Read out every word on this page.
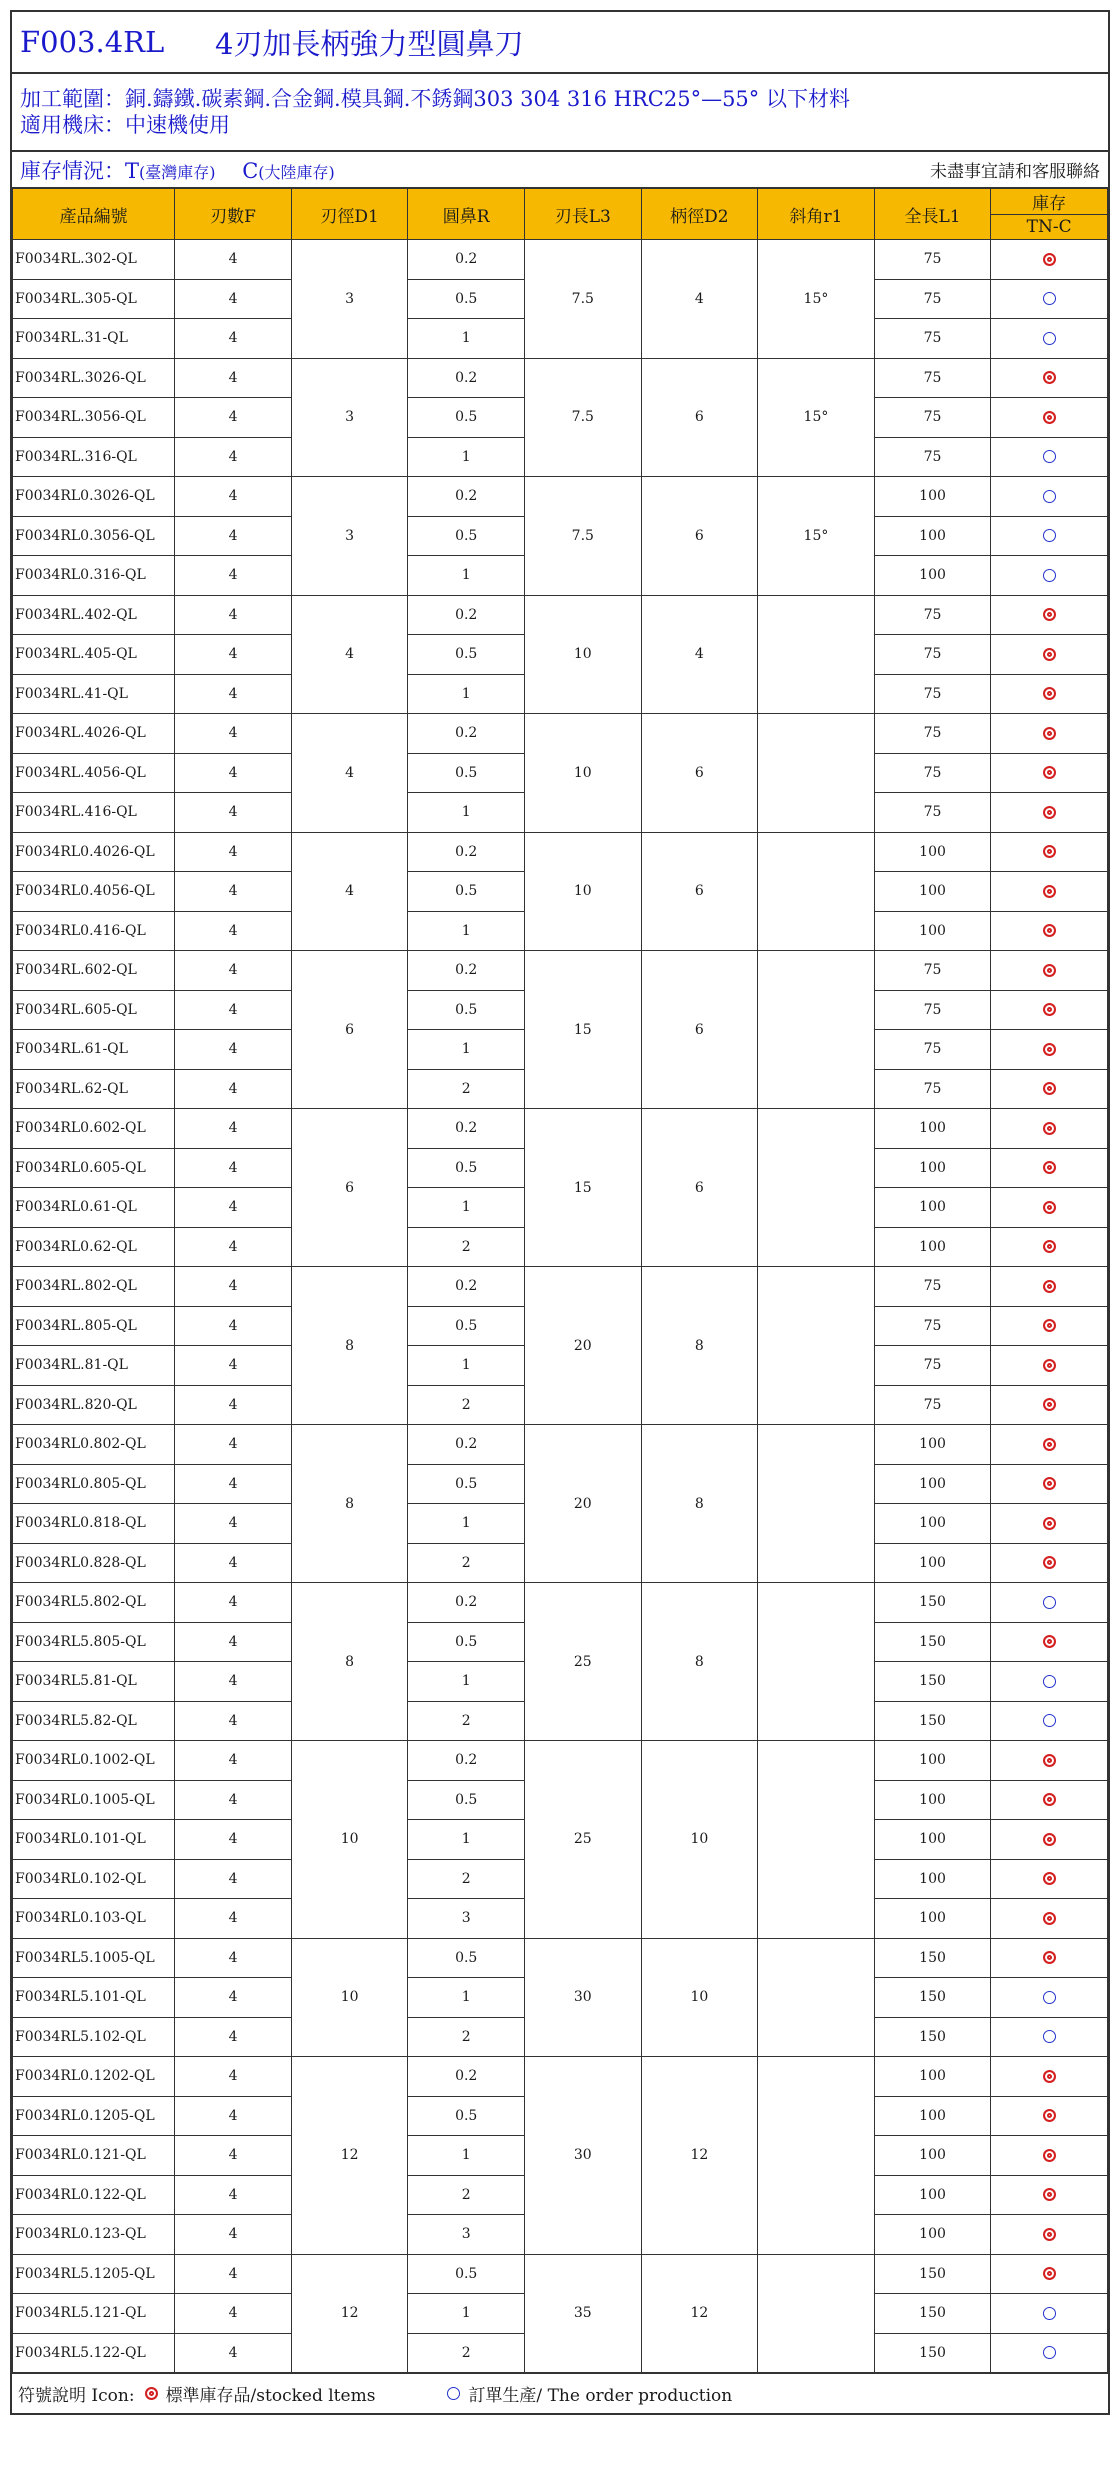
F003.4RL	4刃加長柄強力型圓鼻刀
加工範圍：銅.鑄鐵.碳素鋼.合金鋼.模具鋼.不銹鋼303 304 316 HRC25°—55° 以下材料
適用機床：中速機使用
庫存情況：T(臺灣庫存) C(大陸庫存)	未盡事宜請和客服聯絡
產品編號	刃數F	刃徑D1	圓鼻R	刃長L3	柄徑D2	斜角r1	全長L1	庫存
								TN-C
F0034RL.302-QL	4	3	0.2	7.5	4	15°	75	
F0034RL.305-QL	4		0.5				75	
F0034RL.31-QL	4		1				75	
F0034RL.3026-QL	4	3	0.2	7.5	6	15°	75	
F0034RL.3056-QL	4		0.5				75	
F0034RL.316-QL	4		1				75	
F0034RL0.3026-QL	4	3	0.2	7.5	6	15°	100	
F0034RL0.3056-QL	4		0.5				100	
F0034RL0.316-QL	4		1				100	
F0034RL.402-QL	4	4	0.2	10	4		75	
F0034RL.405-QL	4		0.5				75	
F0034RL.41-QL	4		1				75	
F0034RL.4026-QL	4	4	0.2	10	6		75	
F0034RL.4056-QL	4		0.5				75	
F0034RL.416-QL	4		1				75	
F0034RL0.4026-QL	4	4	0.2	10	6		100	
F0034RL0.4056-QL	4		0.5				100	
F0034RL0.416-QL	4		1				100	
F0034RL.602-QL	4	6	0.2	15	6		75	
F0034RL.605-QL	4		0.5				75	
F0034RL.61-QL	4		1				75	
F0034RL.62-QL	4		2				75	
F0034RL0.602-QL	4	6	0.2	15	6		100	
F0034RL0.605-QL	4		0.5				100	
F0034RL0.61-QL	4		1				100	
F0034RL0.62-QL	4		2				100	
F0034RL.802-QL	4	8	0.2	20	8		75	
F0034RL.805-QL	4		0.5				75	
F0034RL.81-QL	4		1				75	
F0034RL.820-QL	4		2				75	
F0034RL0.802-QL	4	8	0.2	20	8		100	
F0034RL0.805-QL	4		0.5				100	
F0034RL0.818-QL	4		1				100	
F0034RL0.828-QL	4		2				100	
F0034RL5.802-QL	4	8	0.2	25	8		150	
F0034RL5.805-QL	4		0.5				150	
F0034RL5.81-QL	4		1				150	
F0034RL5.82-QL	4		2				150	
F0034RL0.1002-QL	4	10	0.2	25	10		100	
F0034RL0.1005-QL	4		0.5				100	
F0034RL0.101-QL	4		1				100	
F0034RL0.102-QL	4		2				100	
F0034RL0.103-QL	4		3				100	
F0034RL5.1005-QL	4	10	0.5	30	10		150	
F0034RL5.101-QL	4		1				150	
F0034RL5.102-QL	4		2				150	
F0034RL0.1202-QL	4	12	0.2	30	12		100	
F0034RL0.1205-QL	4		0.5				100	
F0034RL0.121-QL	4		1				100	
F0034RL0.122-QL	4		2				100	
F0034RL0.123-QL	4		3				100	
F0034RL5.1205-QL	4	12	0.5	35	12		150	
F0034RL5.121-QL	4		1				150	
F0034RL5.122-QL	4		2				150	
符號說明 Icon: 標準庫存品/stocked ltems	訂單生產/ The order production
